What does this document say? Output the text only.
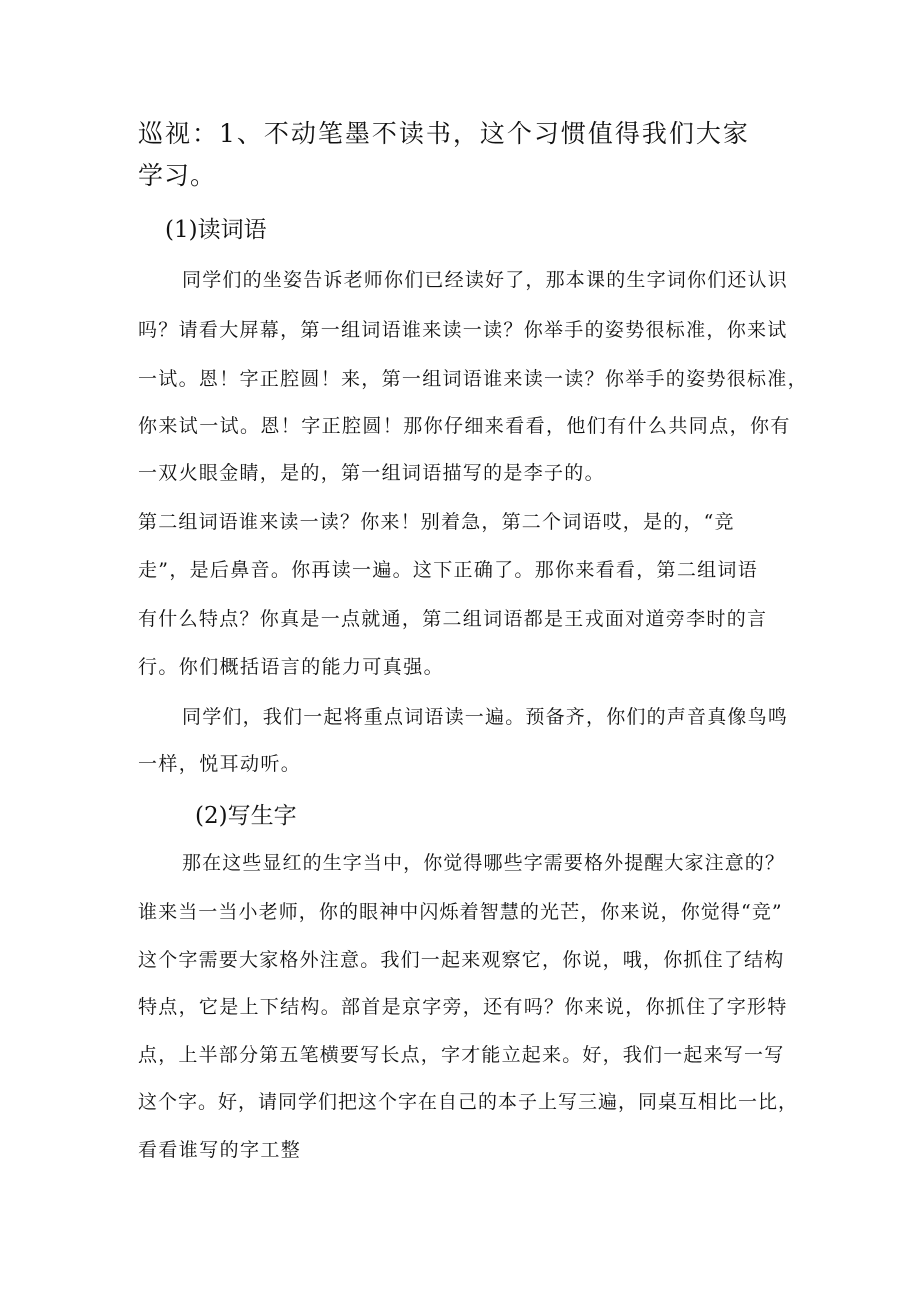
巡视：1、不动笔墨不读书，这个习惯值得我们大家
学习。
(1)读词语
同学们的坐姿告诉老师你们已经读好了，那本课的生字词你们还认识
吗？请看大屏幕，第一组词语谁来读一读？你举手的姿势很标准，你来试
一试。恩！字正腔圆！来，第一组词语谁来读一读？你举手的姿势很标准，
你来试一试。恩！字正腔圆！那你仔细来看看，他们有什么共同点，你有
一双火眼金睛，是的，第一组词语描写的是李子的。
第二组词语谁来读一读？你来！别着急，第二个词语哎，是的，“竞
走”，是后鼻音。你再读一遍。这下正确了。那你来看看，第二组词语
有什么特点？你真是一点就通，第二组词语都是王戎面对道旁李时的言
行。你们概括语言的能力可真强。
同学们，我们一起将重点词语读一遍。预备齐，你们的声音真像鸟鸣
一样，悦耳动听。
(2)写生字
那在这些显红的生字当中，你觉得哪些字需要格外提醒大家注意的？
谁来当一当小老师，你的眼神中闪烁着智慧的光芒，你来说，你觉得“竞”
这个字需要大家格外注意。我们一起来观察它，你说，哦，你抓住了结构
特点，它是上下结构。部首是京字旁，还有吗？你来说，你抓住了字形特
点，上半部分第五笔横要写长点，字才能立起来。好，我们一起来写一写
这个字。好，请同学们把这个字在自己的本子上写三遍，同桌互相比一比，
看看谁写的字工整
